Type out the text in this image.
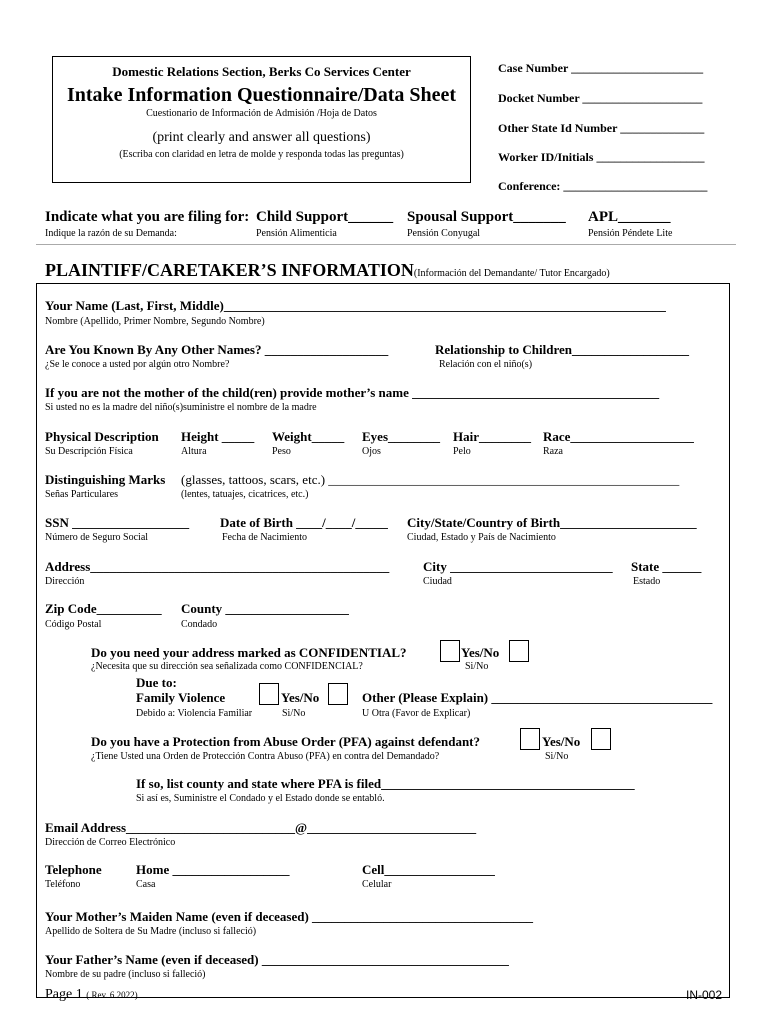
Domestic Relations Section, Berks Co Services Center
Intake Information Questionnaire/Data Sheet
Cuestionario de Información de Admisión /Hoja de Datos
(print clearly and answer all questions)
(Escriba con claridad en letra de molde y responda todas las preguntas)
Case Number ______________________
Docket Number ____________________
Other State Id Number ______________
Worker ID/Initials __________________
Conference: ________________________
Indicate what you are filing for:
Indique la razón de su Demanda:
Child Support______
Pensión Alimenticia
Spousal Support_______
Pensión Conyugal
APL_______
Pensión Péndete Lite
PLAINTIFF/CARETAKER’S INFORMATION(Información del Demandante/ Tutor Encargado)
Your Name (Last, First, Middle)____________________________________________________________________
Nombre (Apellido, Primer Nombre, Segundo Nombre)
Are You Known By Any Other Names? ___________________
¿Se le conoce a usted por algún otro Nombre?
Relationship to Children__________________
Relación con el niño(s)
If you are not the mother of the child(ren) provide mother’s name ______________________________________
Si usted no es la madre del niño(s)suministre el nombre de la madre
Physical Description
Su Descripción Física
Height _____
Altura
Weight_____
Peso
Eyes________
Ojos
Hair________
Pelo
Race___________________
Raza
Distinguishing Marks (glasses, tattoos, scars, etc.) ______________________________________________________
Señas Particulares	(lentes, tatuajes, cicatrices, etc.)
SSN __________________
Número de Seguro Social
Date of Birth ____/____/_____
Fecha de Nacimiento
City/State/Country of Birth_____________________
Ciudad, Estado y País de Nacimiento
Address______________________________________________
Dirección
City _________________________
Ciudad
State ______
Estado
Zip Code__________
Código Postal
County ___________________
Condado
Do you need your address marked as CONFIDENTIAL?
¿Necesita que su dirección sea señalizada como CONFIDENCIAL?
Yes/No
Si/No
Due to:
Family Violence
Debido a: Violencia Familiar
Yes/No
Si/No
Other (Please Explain) __________________________________
U Otra (Favor de Explicar)
Do you have a Protection from Abuse Order (PFA) against defendant?
¿Tiene Usted una Orden de Protección Contra Abuso (PFA) en contra del Demandado?
Yes/No
Si/No
If so, list county and state where PFA is filed_______________________________________
Si así es, Suministre el Condado y el Estado donde se entabló.
Email Address__________________________@__________________________
Dirección de Correo Electrónico
Telephone
Teléfono
Home __________________
Casa
Cell_________________
Celular
Your Mother’s Maiden Name (even if deceased) __________________________________
Apellido de Soltera de Su Madre (incluso si falleció)
Your Father’s Name (even if deceased) ______________________________________
Nombre de su padre (incluso si falleció)
Page 1 ( Rev. 6.2022)	IN-002
